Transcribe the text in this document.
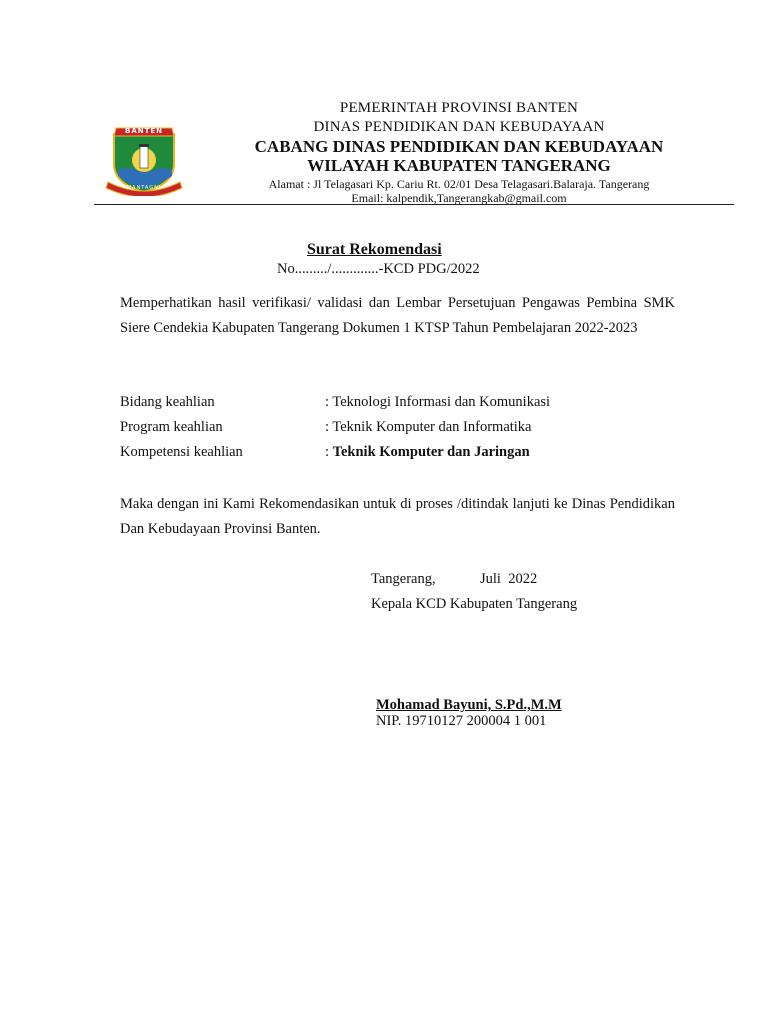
BANTEN
MANTAGNI
PEMERINTAH PROVINSI BANTEN
DINAS PENDIDIKAN DAN KEBUDAYAAN
CABANG DINAS PENDIDIKAN DAN KEBUDAYAAN
WILAYAH KABUPATEN TANGERANG
Alamat : Jl Telagasari Kp. Cariu Rt. 02/01 Desa Telagasari.Balaraja. Tangerang
Email: kalpendik,Tangerangkab@gmail.com
Surat Rekomendasi
No........./.............-KCD PDG/2022
Memperhatikan hasil verifikasi/ validasi dan Lembar Persetujuan Pengawas Pembina SMK Siere Cendekia Kabupaten Tangerang Dokumen 1 KTSP Tahun Pembelajaran 2022-2023
Bidang keahlian	: Teknologi Informasi dan Komunikasi
Program keahlian	: Teknik Komputer dan Informatika
Kompetensi keahlian	: Teknik Komputer dan Jaringan
Maka dengan ini Kami Rekomendasikan untuk di proses /ditindak lanjuti ke Dinas Pendidikan Dan Kebudayaan Provinsi Banten.
Tangerang,	Juli  2022
Kepala KCD Kabupaten Tangerang
Mohamad Bayuni, S.Pd.,M.M
NIP. 19710127 200004 1 001
